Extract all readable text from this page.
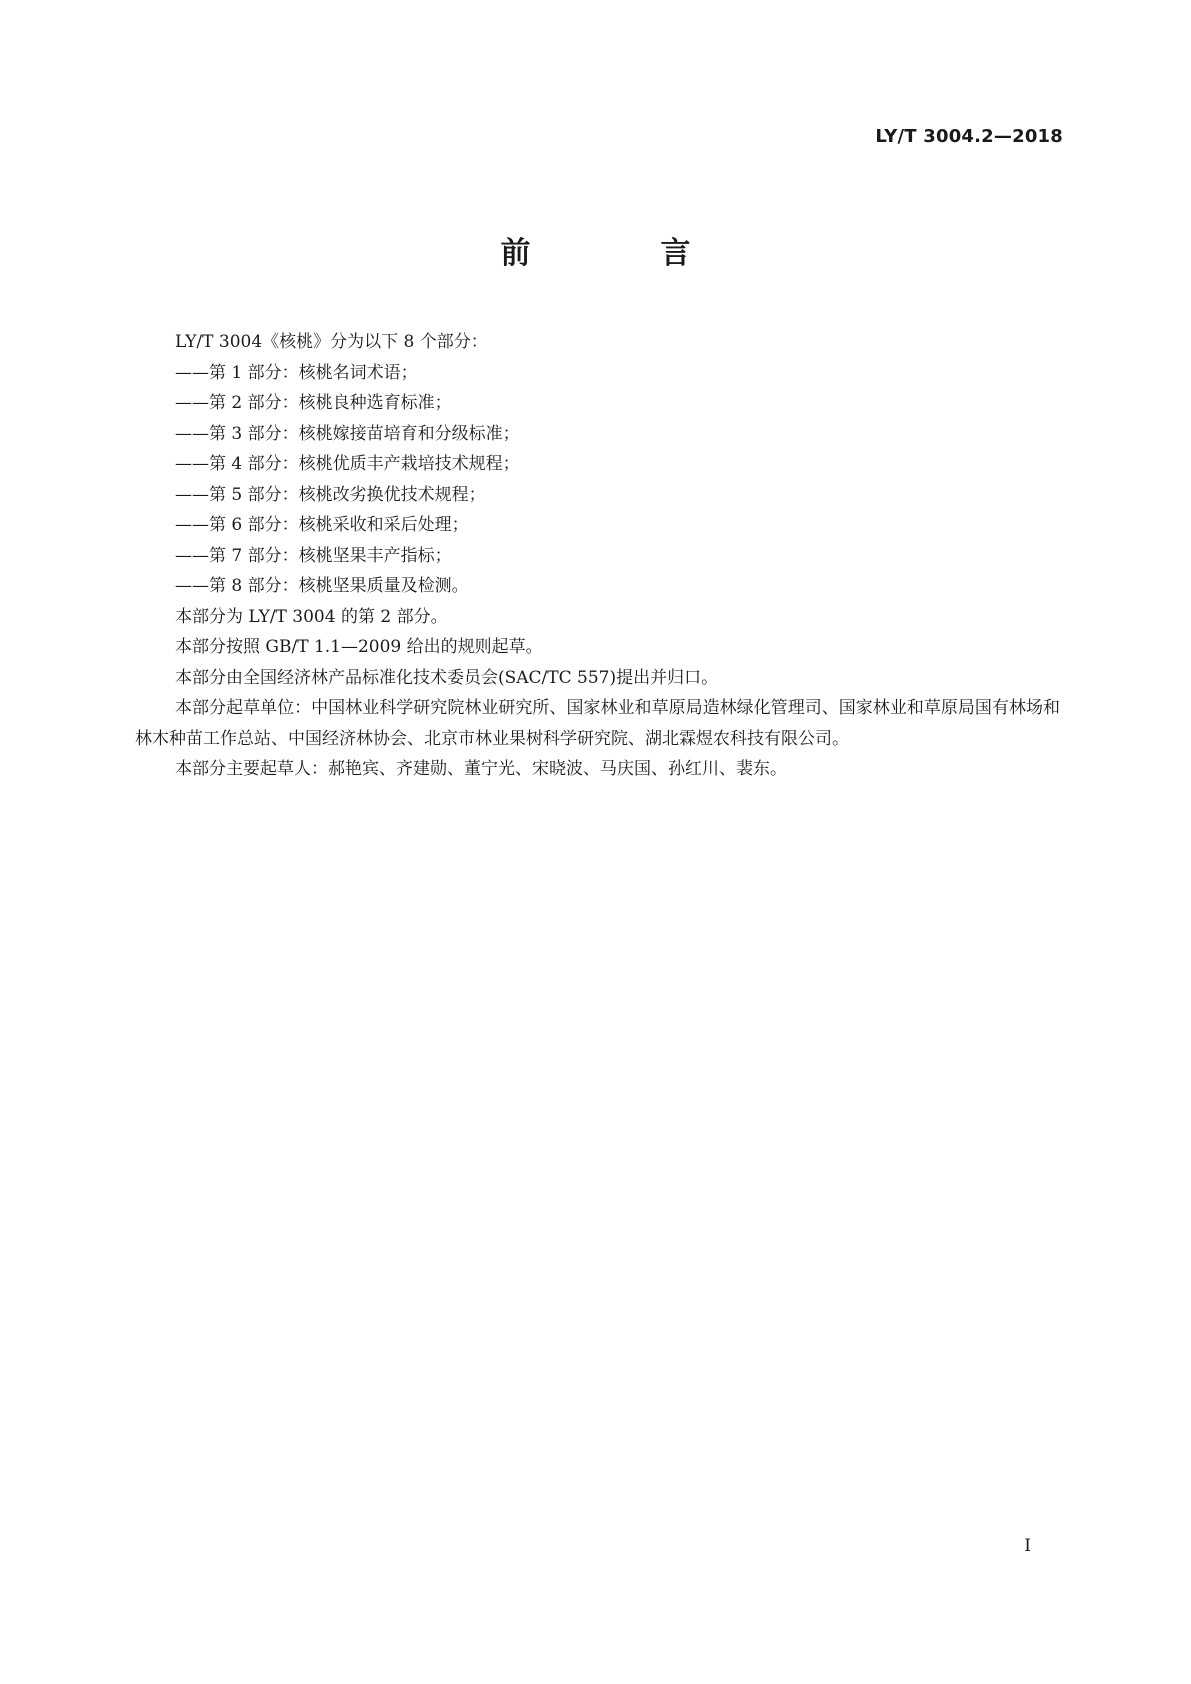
LY/T 3004.2—2018
前　言

LY/T 3004《核桃》分为以下 8 个部分：

——第 1 部分：核桃名词术语；

——第 2 部分：核桃良种选育标准；

——第 3 部分：核桃嫁接苗培育和分级标准；

——第 4 部分：核桃优质丰产栽培技术规程；

——第 5 部分：核桃改劣换优技术规程；

——第 6 部分：核桃采收和采后处理；

——第 7 部分：核桃坚果丰产指标；

——第 8 部分：核桃坚果质量及检测。

本部分为 LY/T 3004 的第 2 部分。

本部分按照 GB/T 1.1—2009 给出的规则起草。

本部分由全国经济林产品标准化技术委员会(SAC/TC 557)提出并归口。

本部分起草单位：中国林业科学研究院林业研究所、国家林业和草原局造林绿化管理司、国家林业和草原局国有林场和林木种苗工作总站、中国经济林协会、北京市林业果树科学研究院、湖北霖煜农科技有限公司。

本部分主要起草人：郝艳宾、齐建勋、董宁光、宋晓波、马庆国、孙红川、裴东。

I
